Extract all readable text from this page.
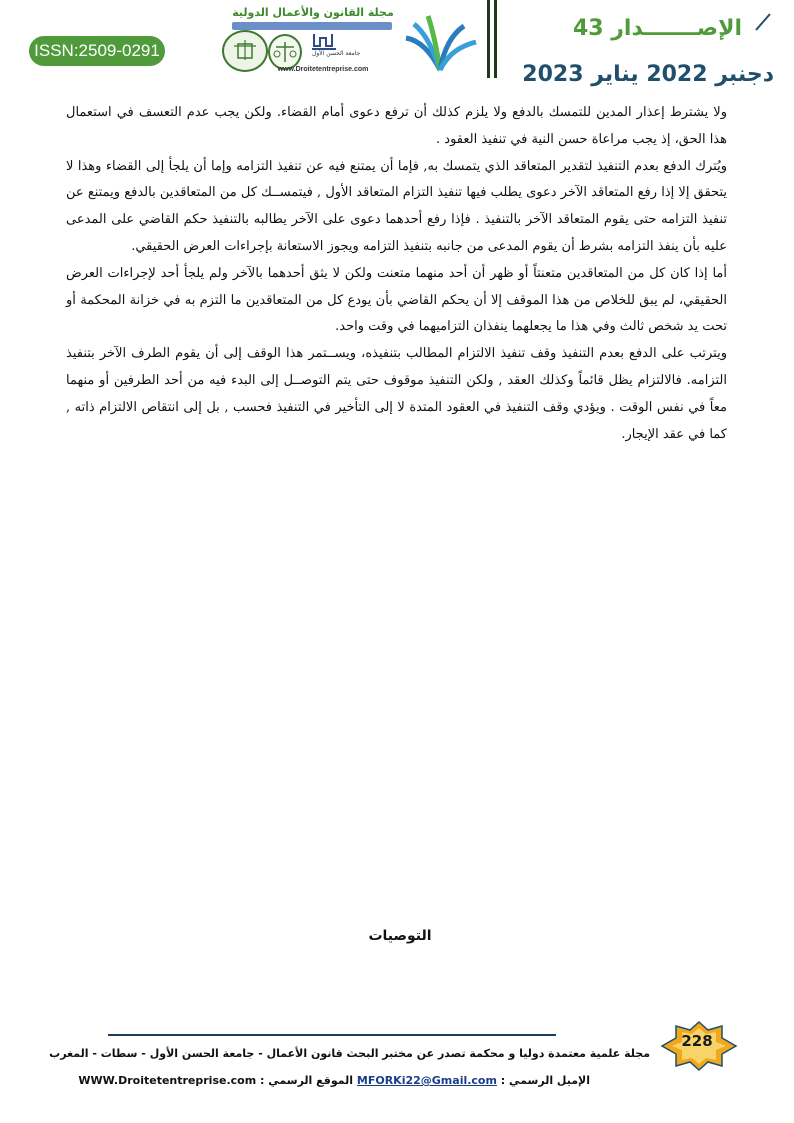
ISSN:2509-0291
مجلة القانون والأعمال الدولية
جامعة الحسن الأول
www.Droitetentreprise.com
الإصـــــــدار 43
دجنبر 2022 يناير 2023

ولا يشترط إعذار المدين للتمسك بالدفع ولا يلزم كذلك أن ترفع دعوى أمام القضاء. ولكن يجب عدم التعسف في استعمال هذا الحق، إذ يجب مراعاة حسن النية في تنفيذ العقود .

ويُترك الدفع بعدم التنفيذ لتقدير المتعاقد الذي يتمسك به, فإما أن يمتنع فيه عن تنفيذ التزامه وإما أن يلجأ إلى القضاء وهذا لا يتحقق إلا إذا رفع المتعاقد الآخر دعوى يطلب فيها تنفيذ التزام المتعاقد الأول , فيتمســك كل من المتعاقدين بالدفع ويمتنع عن تنفيذ التزامه حتى يقوم المتعاقد الآخر بالتنفيذ . فإذا رفع أحدهما دعوى على الآخر يطالبه بالتنفيذ حكم القاضي على المدعى عليه بأن ينفذ التزامه بشرط أن يقوم المدعى من جانبه بتنفيذ التزامه ويجوز الاستعانة بإجراءات العرض الحقيقي.

أما إذا كان كل من المتعاقدين متعنتاً أو ظهر أن أحد منهما متعنت ولكن لا يثق أحدهما بالآخر ولم يلجأ أحد لإجراءات العرض الحقيقي، لم يبق للخلاص من هذا الموقف إلا أن يحكم القاضي بأن يودع كل من المتعاقدين ما التزم به في خزانة المحكمة أو تحت يد شخص ثالث وفي هذا ما يجعلهما ينفذان التزاميهما في وقت واحد.

ويترتب على الدفع بعدم التنفيذ وقف تنفيذ الالتزام المطالب بتنفيذه، ويســتمر هذا الوقف إلى أن يقوم الطرف الآخر بتنفيذ التزامه. فالالتزام يظل قائماً وكذلك العقد , ولكن التنفيذ موقوف حتى يتم التوصــل إلى البدء فيه من أحد الطرفين أو منهما معاً في نفس الوقت . ويؤدي وقف التنفيذ في العقود المتدة لا إلى التأخير في التنفيذ فحسب , بل إلى انتقاص الالتزام ذاته , كما في عقد الإيجار.

التوصيات
مجلة علمية معتمدة دوليا و محكمة تصدر عن مختبر البحث قانون الأعمال - جامعة الحسن الأول - سطات - المغرب
الإميل الرسمي : MFORKi22@Gmail.com الموقع الرسمي : WWW.Droitetentreprise.com
228
